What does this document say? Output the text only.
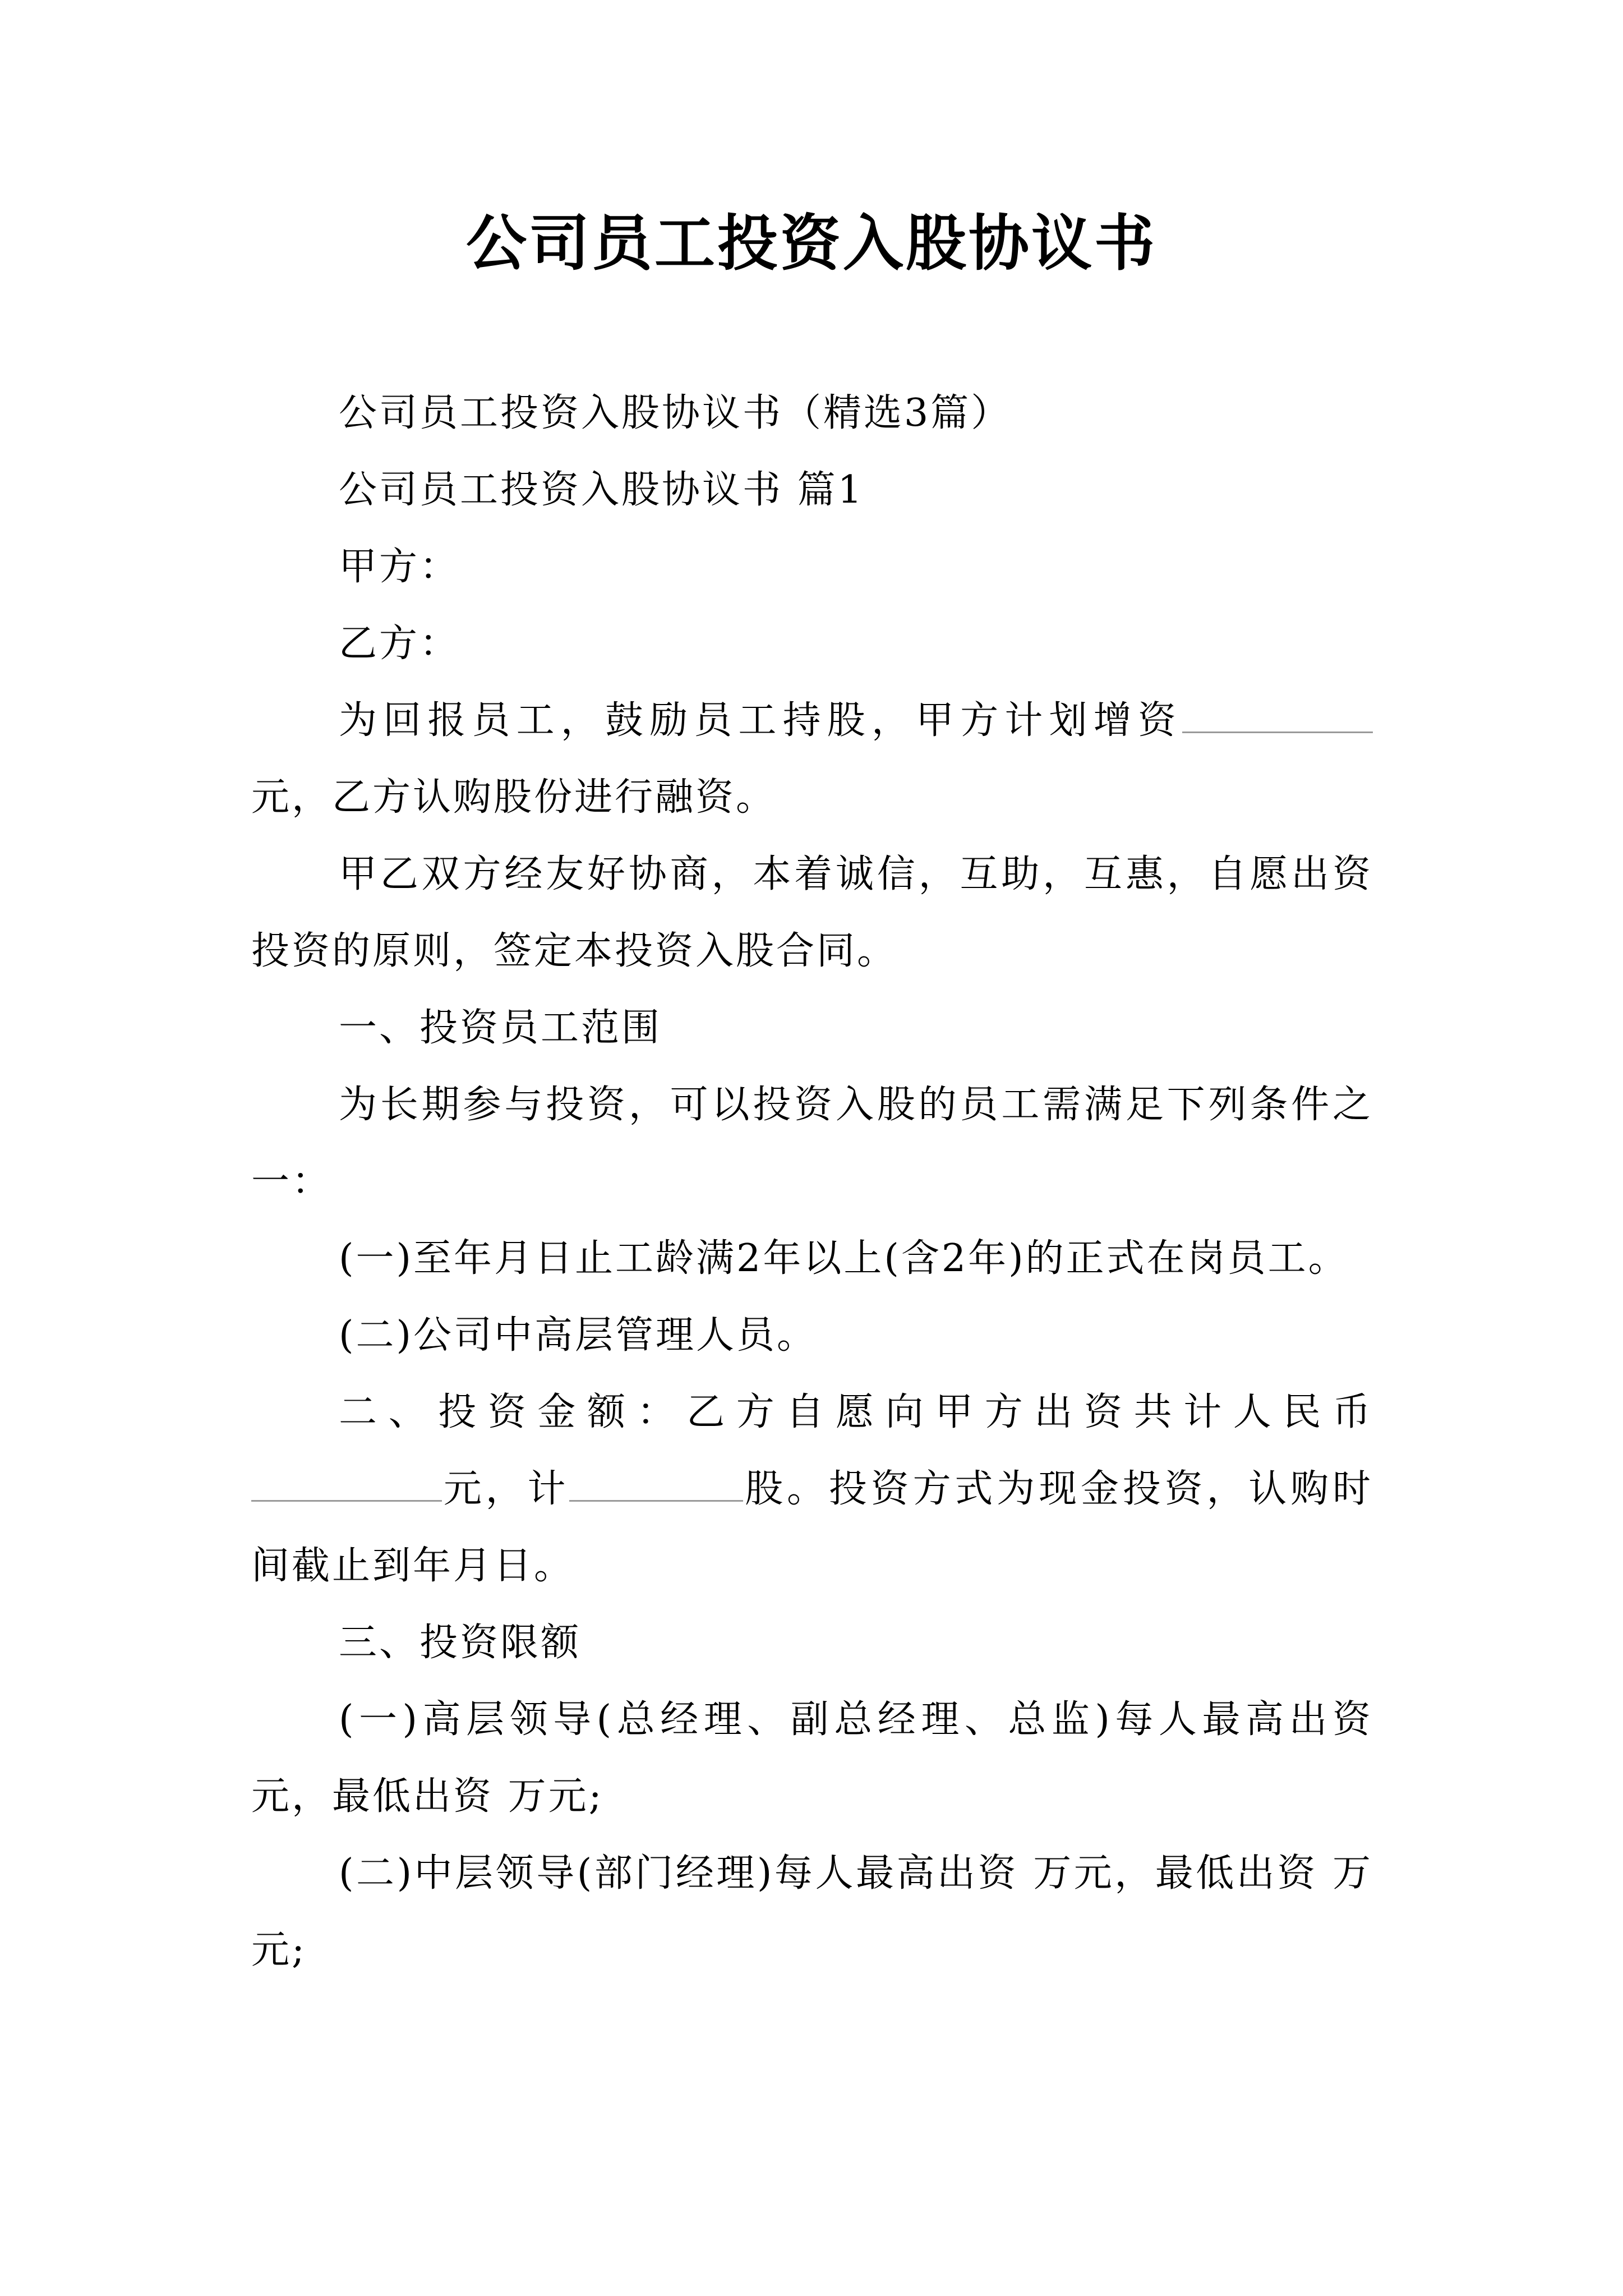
公司员工投资入股协议书

公司员工投资入股协议书（精选3篇）

公司员工投资入股协议书 篇1

甲方：

乙方：

为回报员工，鼓励员工持股，甲方计划增资元，乙方认购股份进行融资。

甲乙双方经友好协商，本着诚信，互助，互惠，自愿出资投资的原则，签定本投资入股合同。

一、投资员工范围

为长期参与投资，可以投资入股的员工需满足下列条件之一：

(一)至年月日止工龄满2年以上(含2年)的正式在岗员工。

(二)公司中高层管理人员。

二、投资金额：乙方自愿向甲方出资共计人民币元，计	股。投资方式为现金投资，认购时间截止到年月日。

三、投资限额

(一)高层领导(总经理、副总经理、总监)每人最高出资 元，最低出资 万元;

(二)中层领导(部门经理)每人最高出资 万元，最低出资 万元;
